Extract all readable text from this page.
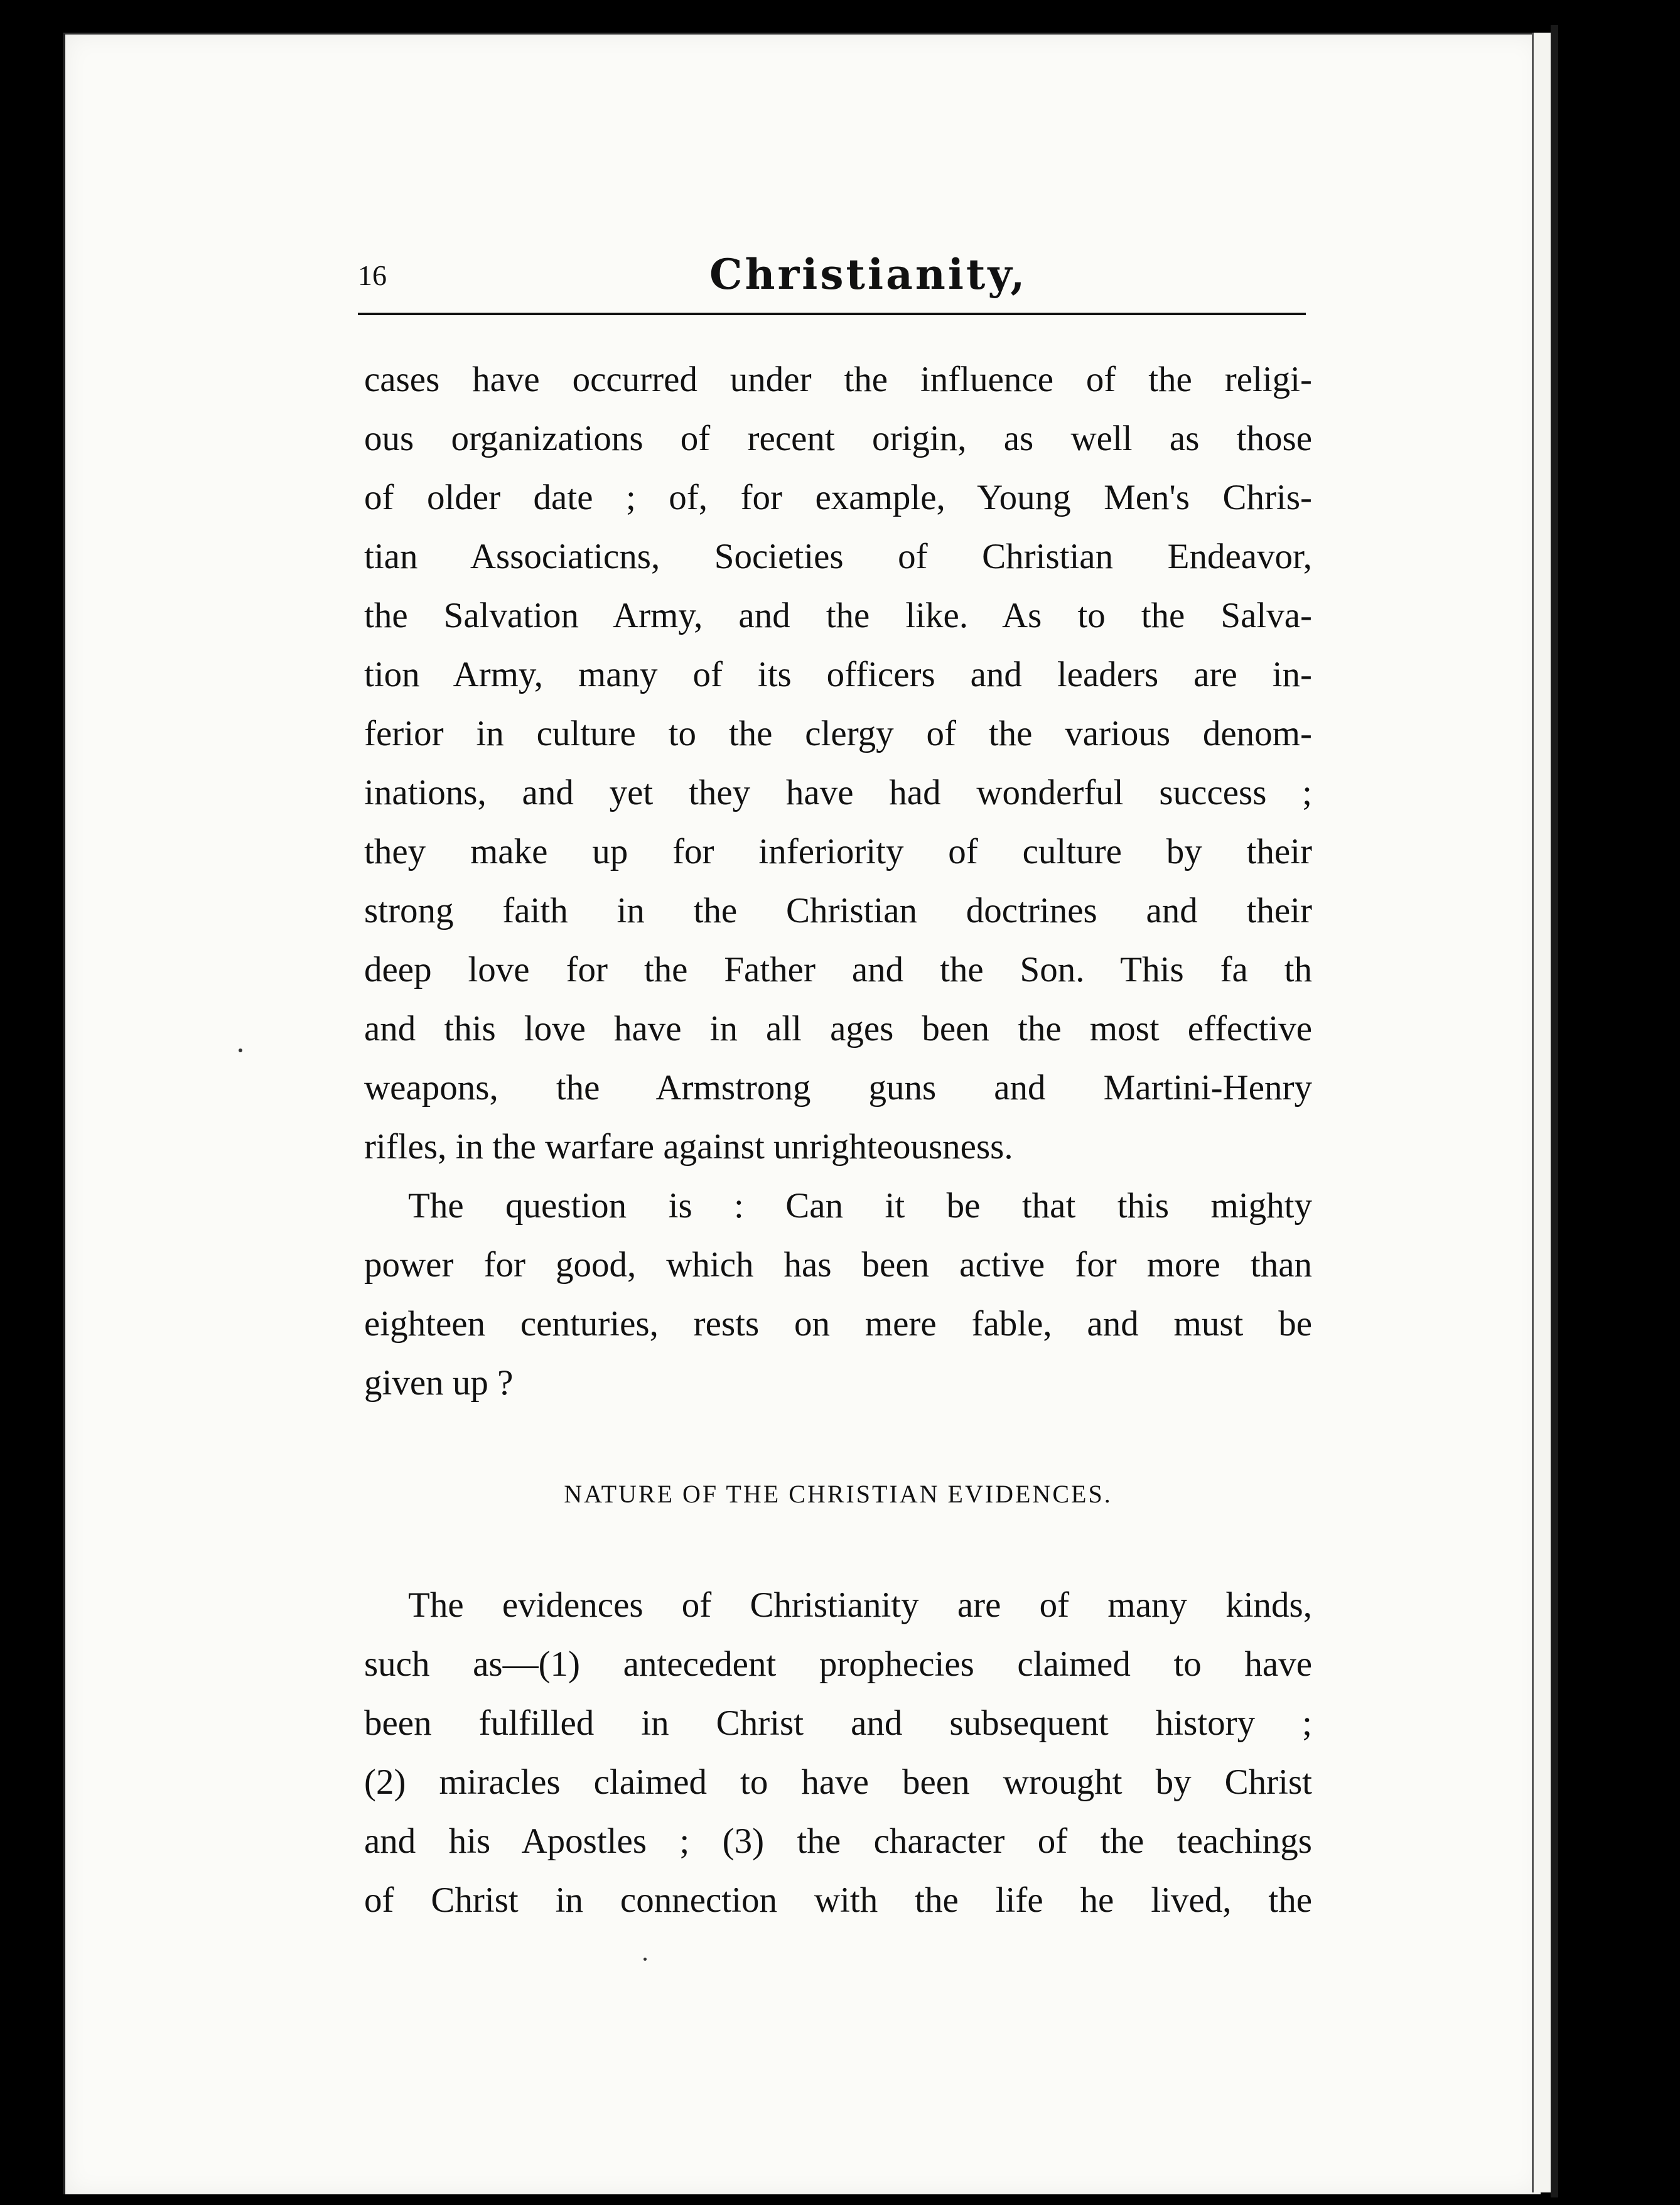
16	Christianity,
cases have occurred under the influence of the religi-
ous organizations of recent origin, as well as those
of older date ; of, for example, Young Men's Chris-
tian Associaticns, Societies of Christian Endeavor,
the Salvation Army, and the like. As to the Salva-
tion Army, many of its officers and leaders are in-
ferior in culture to the clergy of the various denom-
inations, and yet they have had wonderful success ;
they make up for inferiority of culture by their
strong faith in the Christian doctrines and their
deep love for the Father and the Son. This fa th
and this love have in all ages been the most effective
weapons, the Armstrong guns and Martini-Henry
rifles, in the warfare against unrighteousness.
The question is : Can it be that this mighty
power for good, which has been active for more than
eighteen centuries, rests on mere fable, and must be
given up ?
NATURE OF THE CHRISTIAN EVIDENCES.
The evidences of Christianity are of many kinds,
such as—(1) antecedent prophecies claimed to have
been fulfilled in Christ and subsequent history ;
(2) miracles claimed to have been wrought by Christ
and his Apostles ; (3) the character of the teachings
of Christ in connection with the life he lived, the
